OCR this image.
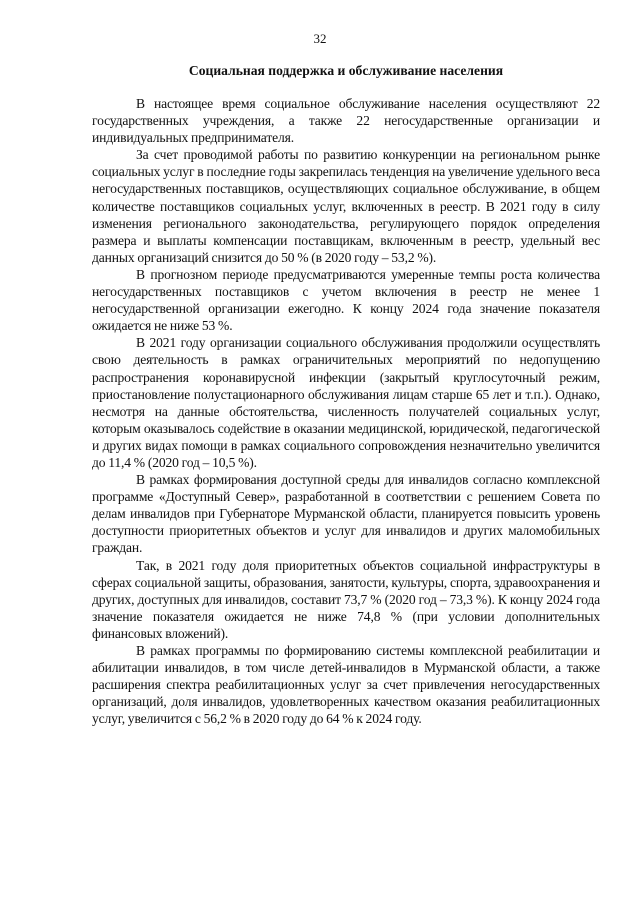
32
Социальная поддержка и обслуживание населения

В настоящее время социальное обслуживание населения осуществляют 22 государственных учреждения, а также 22 негосударственные организации и индивидуальных предпринимателя.

За счет проводимой работы по развитию конкуренции на региональном рынке социальных услуг в последние годы закрепилась тенденция на увеличение удельного веса негосударственных поставщиков, осуществляющих социальное обслуживание, в общем количестве поставщиков социальных услуг, включенных в реестр. В 2021 году в силу изменения регионального законодательства, регулирующего порядок определения размера и выплаты компенсации поставщикам, включенным в реестр, удельный вес данных организаций снизится до 50 % (в 2020 году – 53,2 %).

В прогнозном периоде предусматриваются умеренные темпы роста количества негосударственных поставщиков с учетом включения в реестр не менее 1 негосударственной организации ежегодно. К концу 2024 года значение показателя ожидается не ниже 53 %.

В 2021 году организации социального обслуживания продолжили осуществлять свою деятельность в рамках ограничительных мероприятий по недопущению распространения коронавирусной инфекции (закрытый круглосуточный режим, приостановление полустационарного обслуживания лицам старше 65 лет и т.п.). Однако, несмотря на данные обстоятельства, численность получателей социальных услуг, которым оказывалось содействие в оказании медицинской, юридической, педагогической и других видах помощи в рамках социального сопровождения незначительно увеличится до 11,4 % (2020 год – 10,5 %).

В рамках формирования доступной среды для инвалидов согласно комплексной программе «Доступный Север», разработанной в соответствии с решением Совета по делам инвалидов при Губернаторе Мурманской области, планируется повысить уровень доступности приоритетных объектов и услуг для инвалидов и других маломобильных граждан.

Так, в 2021 году доля приоритетных объектов социальной инфраструктуры в сферах социальной защиты, образования, занятости, культуры, спорта, здравоохранения и других, доступных для инвалидов, составит 73,7 % (2020 год – 73,3 %). К концу 2024 года значение показателя ожидается не ниже 74,8 % (при условии дополнительных финансовых вложений).

В рамках программы по формированию системы комплексной реабилитации и абилитации инвалидов, в том числе детей-инвалидов в Мурманской области, а также расширения спектра реабилитационных услуг за счет привлечения негосударственных организаций, доля инвалидов, удовлетворенных качеством оказания реабилитационных услуг, увеличится с 56,2 % в 2020 году до 64 % к 2024 году.
